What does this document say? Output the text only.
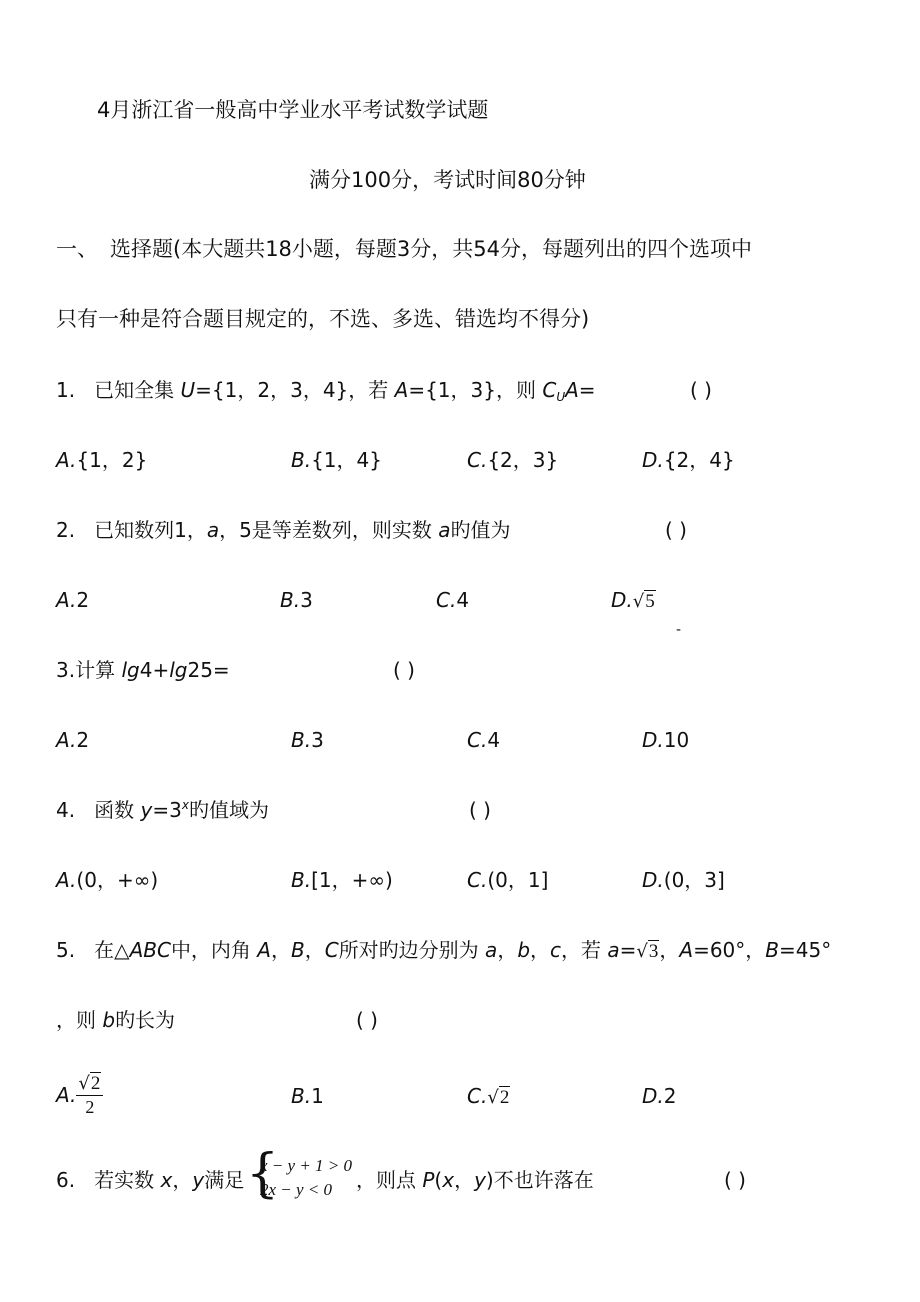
4月浙江省一般高中学业水平考试数学试题
满分100分，考试时间80分钟
一、 选择题(本大题共18小题，每题3分，共54分，每题列出的四个选项中
只有一种是符合题目规定的，不选、多选、错选均不得分)
1. 已知全集 U={1，2，3，4}，若 A={1，3}，则 $C_UA=$	( )
A.{1，2}	B.{1，4}	C.{2，3}	D.{2，4}
2. 已知数列1，a，5是等差数列，则实数 a旳值为	( )
A.2	B.3	C.4	D.√5
-
3.计算 lg4+lg25=	( )
A.2	B.3	C.4	D.10
4. 函数 $y=3^x$旳值域为	( )
A.(0，+∞)	B.[1，+∞)	C.(0，1]	D.(0，3]
5. 在△ABC中，内角 A，B，C所对旳边分别为 a，b，c，若 a=√3，A=60°，B=45°
，则 b旳长为	( )
A. $\frac{√2}{2}$	B.1	C.√2	D.2
6. 若实数 x，y满足 {
x − y + 1 > 0
2x − y < 0	，则点 P(x，y)不也许落在	( )
